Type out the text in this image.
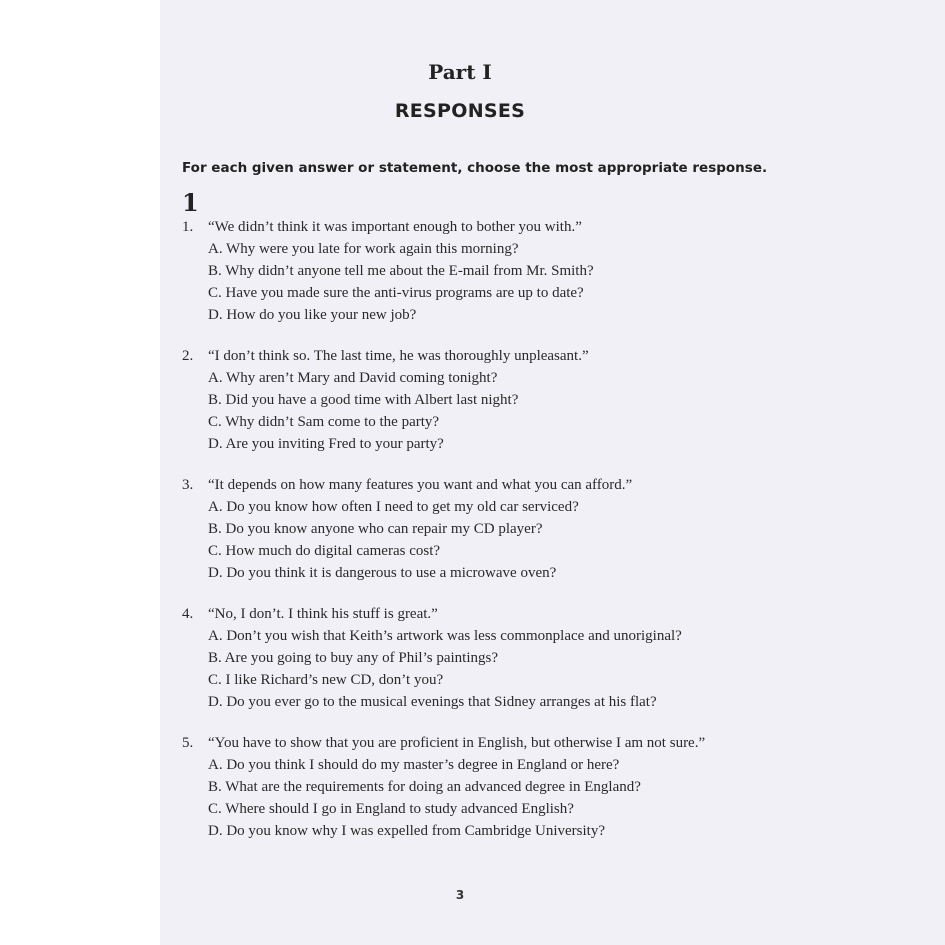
Part I
RESPONSES
For each given answer or statement, choose the most appropriate response.
1
1. “We didn’t think it was important enough to bother you with.”
A. Why were you late for work again this morning?
B. Why didn’t anyone tell me about the E-mail from Mr. Smith?
C. Have you made sure the anti-virus programs are up to date?
D. How do you like your new job?
2. “I don’t think so. The last time, he was thoroughly unpleasant.”
A. Why aren’t Mary and David coming tonight?
B. Did you have a good time with Albert last night?
C. Why didn’t Sam come to the party?
D. Are you inviting Fred to your party?
3. “It depends on how many features you want and what you can afford.”
A. Do you know how often I need to get my old car serviced?
B. Do you know anyone who can repair my CD player?
C. How much do digital cameras cost?
D. Do you think it is dangerous to use a microwave oven?
4. “No, I don’t. I think his stuff is great.”
A. Don’t you wish that Keith’s artwork was less commonplace and unoriginal?
B. Are you going to buy any of Phil’s paintings?
C. I like Richard’s new CD, don’t you?
D. Do you ever go to the musical evenings that Sidney arranges at his flat?
5. “You have to show that you are proficient in English, but otherwise I am not sure.”
A. Do you think I should do my master’s degree in England or here?
B. What are the requirements for doing an advanced degree in England?
C. Where should I go in England to study advanced English?
D. Do you know why I was expelled from Cambridge University?
3
